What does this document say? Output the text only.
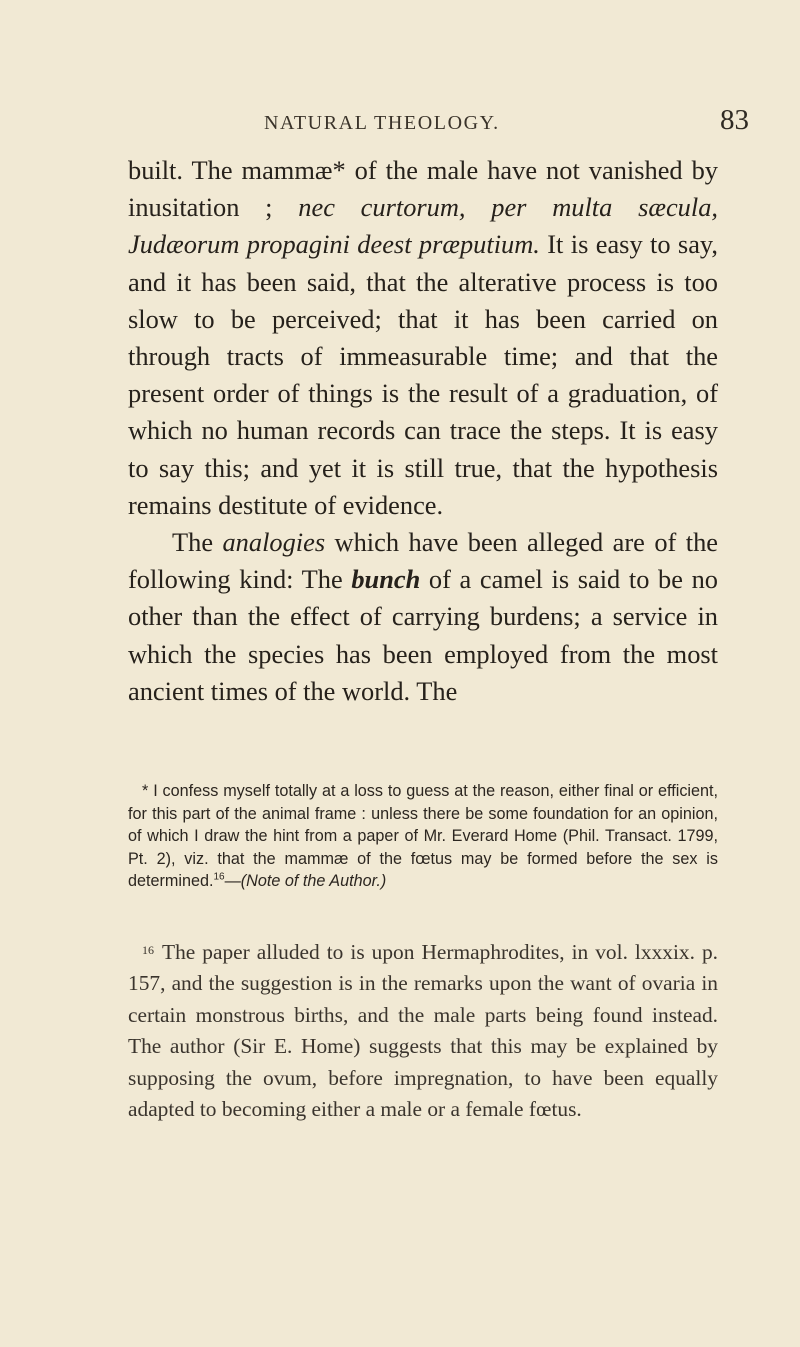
NATURAL THEOLOGY.	83

built. The mammæ* of the male have not vanished by inusitation ; nec curtorum, per multa sæcula, Judæorum propagini deest præputium. It is easy to say, and it has been said, that the alterative process is too slow to be perceived; that it has been carried on through tracts of immeasurable time; and that the present order of things is the result of a graduation, of which no human records can trace the steps. It is easy to say this; and yet it is still true, that the hypothesis remains destitute of evidence.

The analogies which have been alleged are of the following kind: The bunch of a camel is said to be no other than the effect of carrying burdens; a service in which the species has been employed from the most ancient times of the world. The

* I confess myself totally at a loss to guess at the reason, either final or efficient, for this part of the animal frame : unless there be some foundation for an opinion, of which I draw the hint from a paper of Mr. Everard Home (Phil. Transact. 1799, Pt. 2), viz. that the mammæ of the fœtus may be formed before the sex is determined.$^{16}$—(Note of the Author.)
$^{16}$ The paper alluded to is upon Hermaphrodites, in vol. lxxxix. p. 157, and the suggestion is in the remarks upon the want of ovaria in certain monstrous births, and the male parts being found instead. The author (Sir E. Home) suggests that this may be explained by supposing the ovum, before impregnation, to have been equally adapted to becoming either a male or a female fœtus.
